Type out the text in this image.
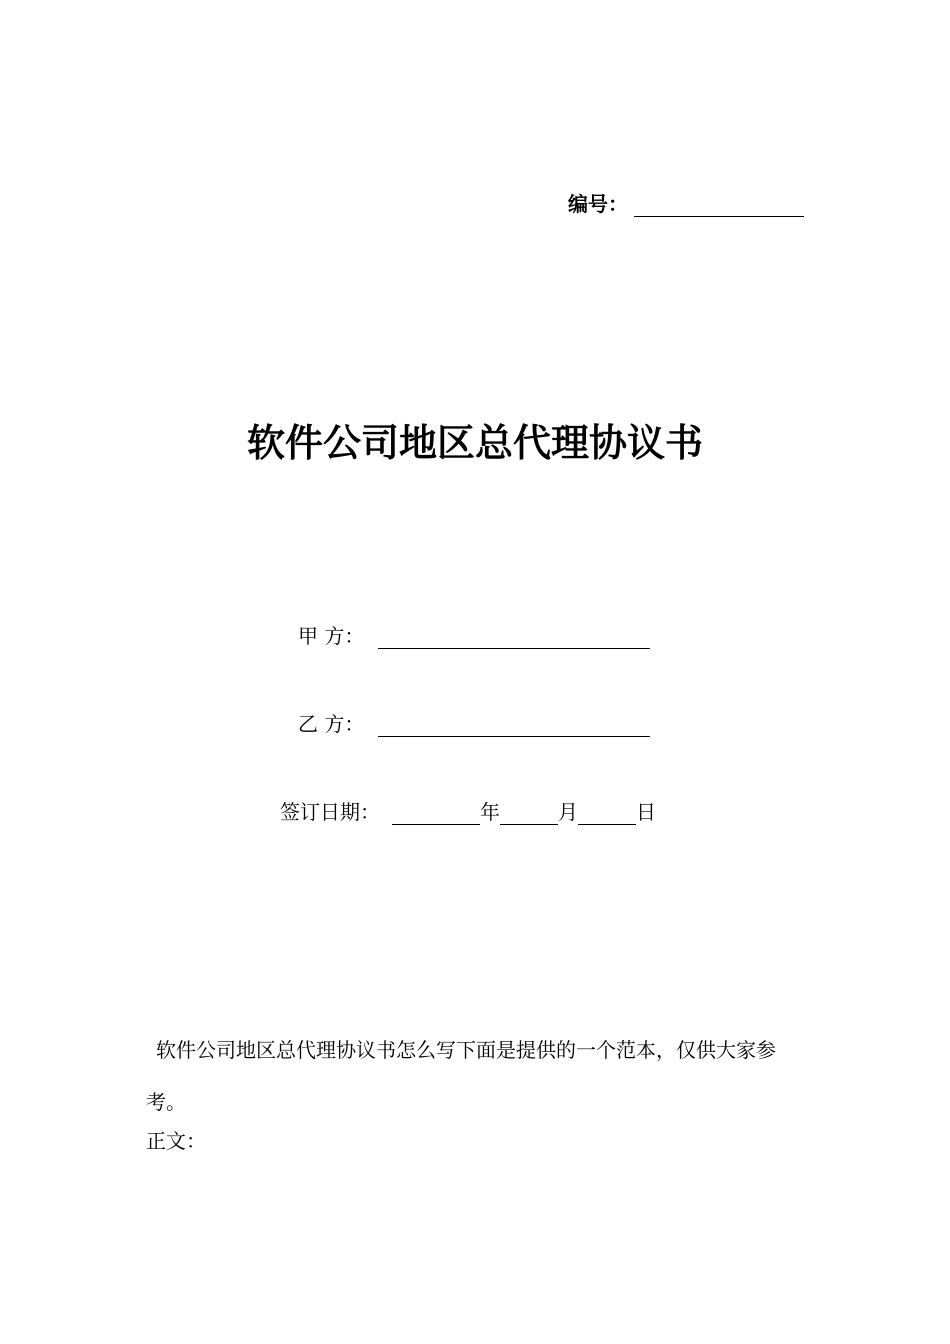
编号：
软件公司地区总代理协议书
甲 方：
乙 方：
签订日期：	年	月	日
软件公司地区总代理协议书怎么写下面是提供的一个范本，仅供大家参考。
正文：
